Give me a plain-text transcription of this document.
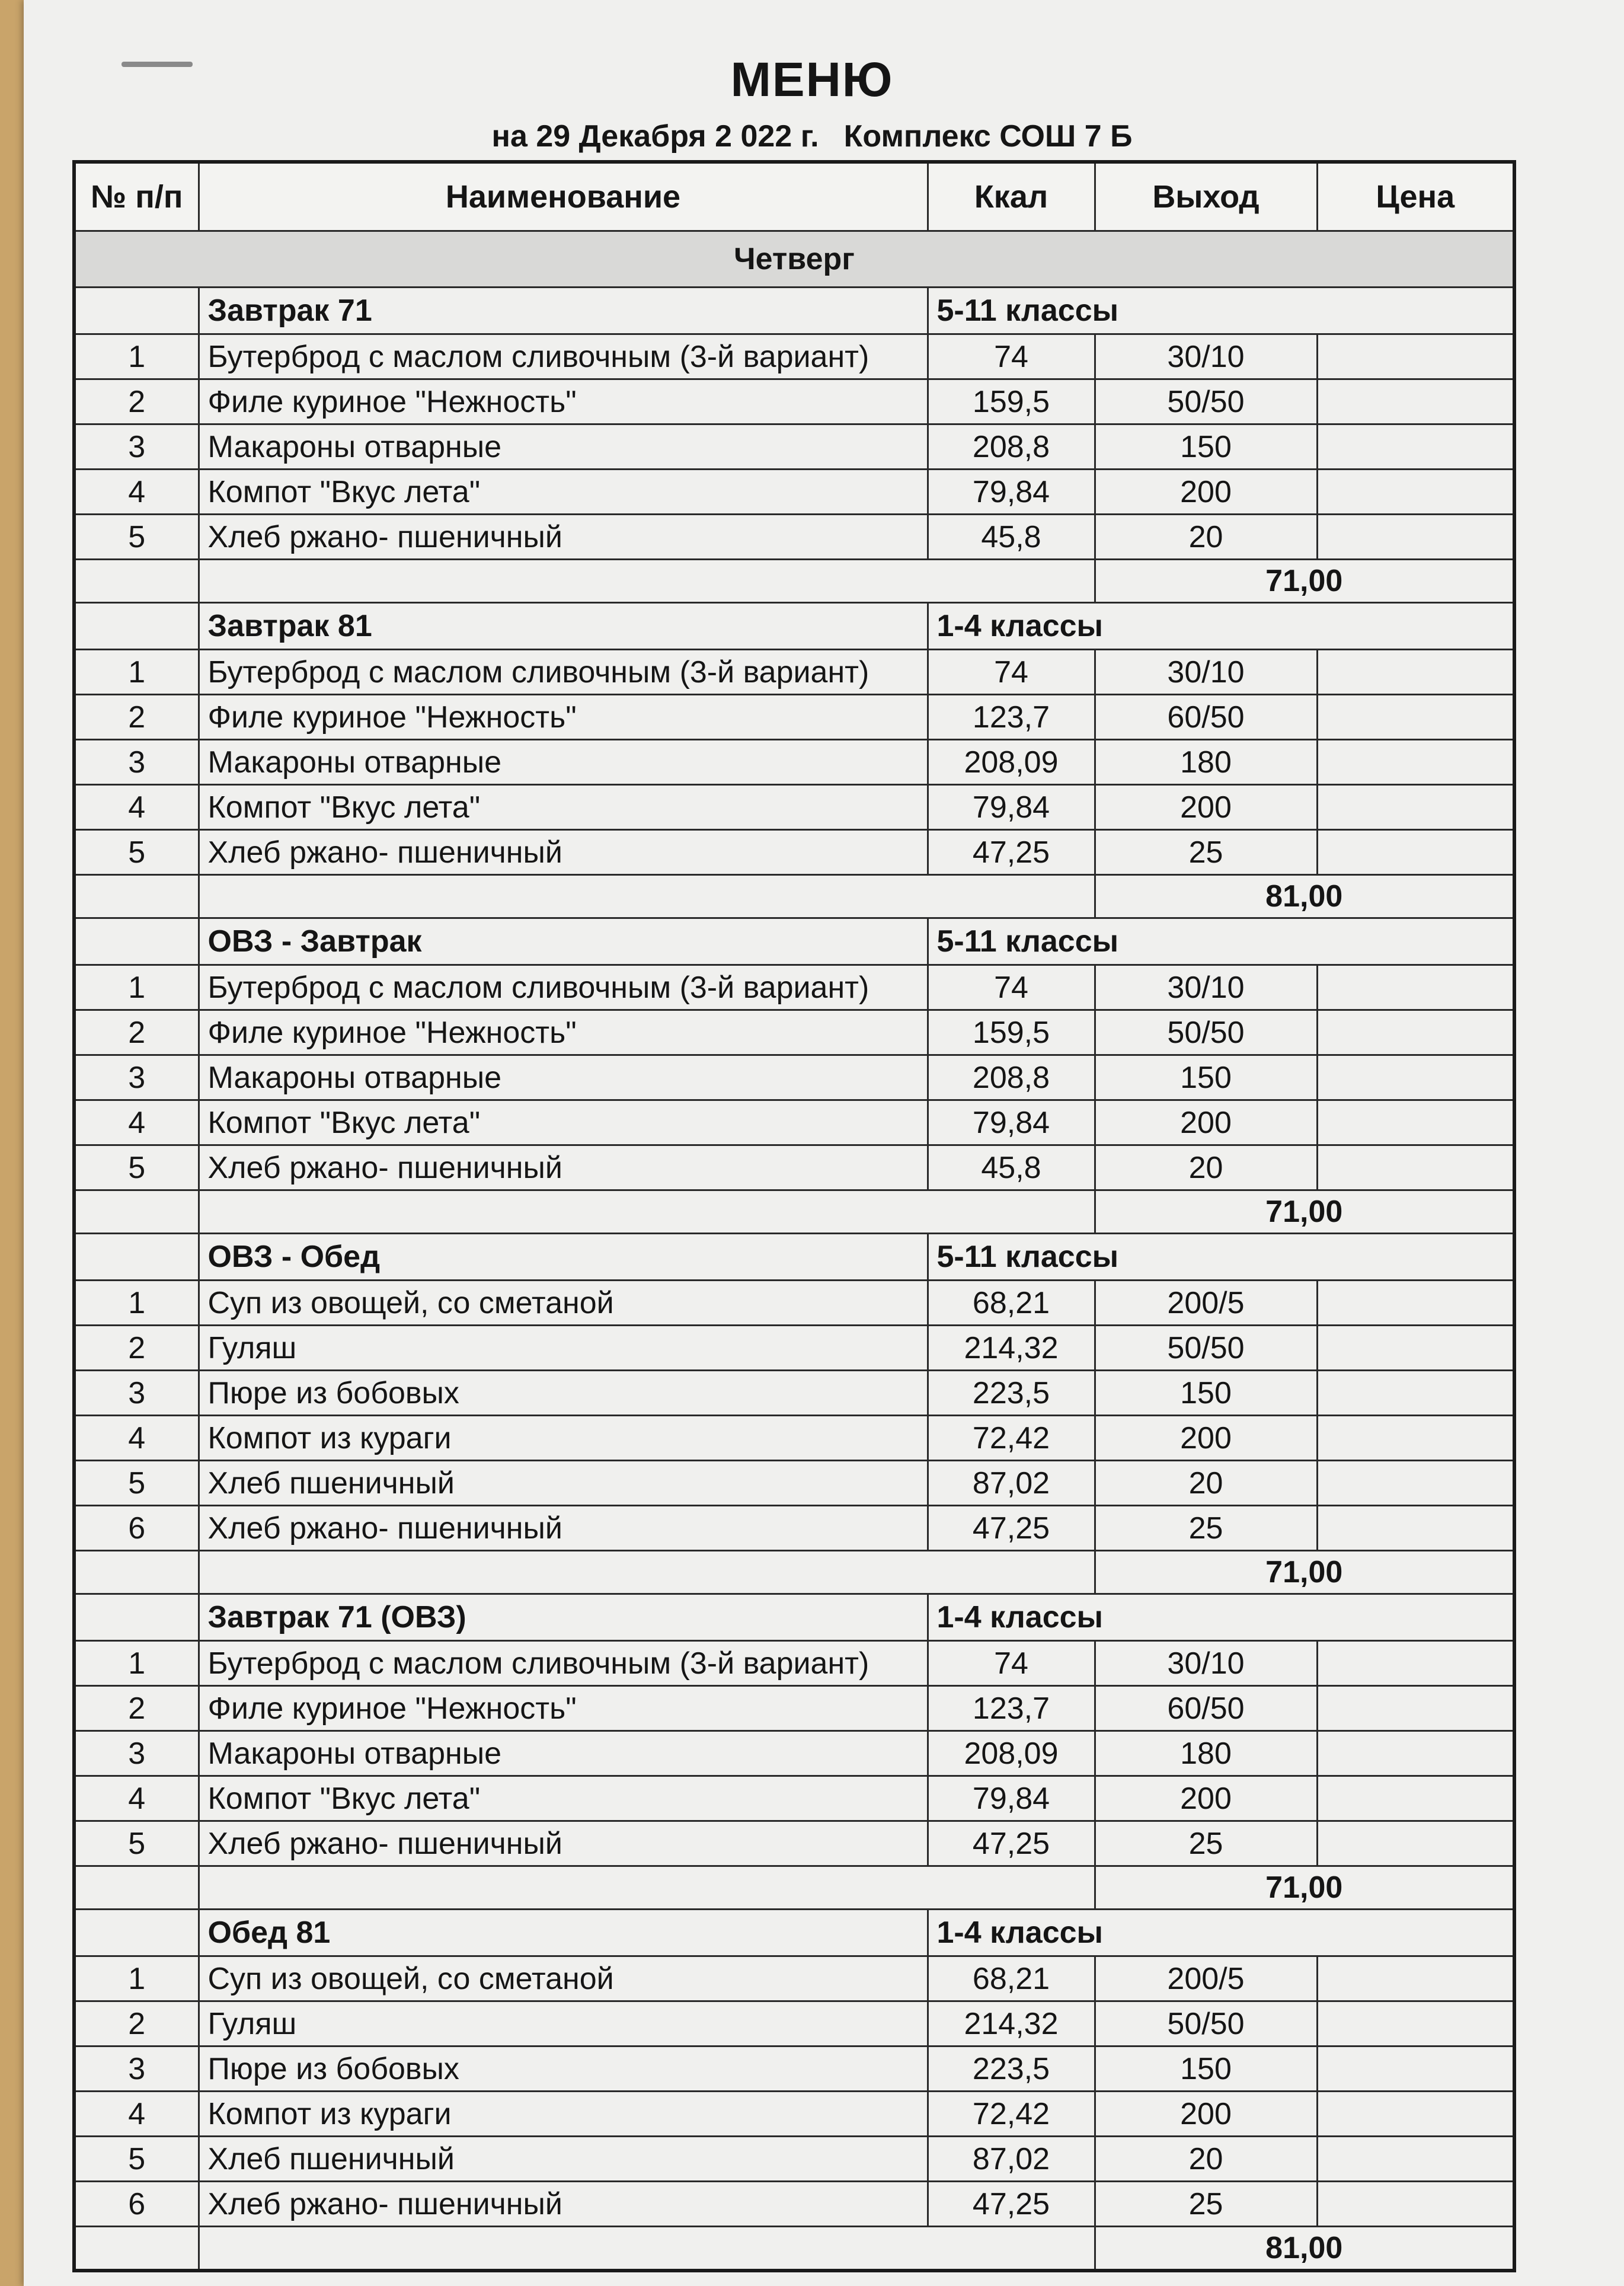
МЕНЮ
на 29 Декабря 2 022 г. Комплекс СОШ 7 Б
№ п/п	Наименование	Ккал	Выход	Цена
Четверг				
	Завтрак 71	5-11 классы		
1	Бутерброд с маслом сливочным (3-й вариант)	74	30/10	
2	Филе куриное "Нежность"	159,5	50/50	
3	Макароны отварные	208,8	150	
4	Компот "Вкус лета"	79,84	200	
5	Хлеб ржано- пшеничный	45,8	20	
			71,00	
	Завтрак 81	1-4 классы		
1	Бутерброд с маслом сливочным (3-й вариант)	74	30/10	
2	Филе куриное "Нежность"	123,7	60/50	
3	Макароны отварные	208,09	180	
4	Компот "Вкус лета"	79,84	200	
5	Хлеб ржано- пшеничный	47,25	25	
			81,00	
	ОВЗ - Завтрак	5-11 классы		
1	Бутерброд с маслом сливочным (3-й вариант)	74	30/10	
2	Филе куриное "Нежность"	159,5	50/50	
3	Макароны отварные	208,8	150	
4	Компот "Вкус лета"	79,84	200	
5	Хлеб ржано- пшеничный	45,8	20	
			71,00	
	ОВЗ - Обед	5-11 классы		
1	Суп из овощей, со сметаной	68,21	200/5	
2	Гуляш	214,32	50/50	
3	Пюре из бобовых	223,5	150	
4	Компот из кураги	72,42	200	
5	Хлеб пшеничный	87,02	20	
6	Хлеб ржано- пшеничный	47,25	25	
			71,00	
	Завтрак 71 (ОВЗ)	1-4 классы		
1	Бутерброд с маслом сливочным (3-й вариант)	74	30/10	
2	Филе куриное "Нежность"	123,7	60/50	
3	Макароны отварные	208,09	180	
4	Компот "Вкус лета"	79,84	200	
5	Хлеб ржано- пшеничный	47,25	25	
			71,00	
	Обед 81	1-4 классы		
1	Суп из овощей, со сметаной	68,21	200/5	
2	Гуляш	214,32	50/50	
3	Пюре из бобовых	223,5	150	
4	Компот из кураги	72,42	200	
5	Хлеб пшеничный	87,02	20	
6	Хлеб ржано- пшеничный	47,25	25	
			81,00	
